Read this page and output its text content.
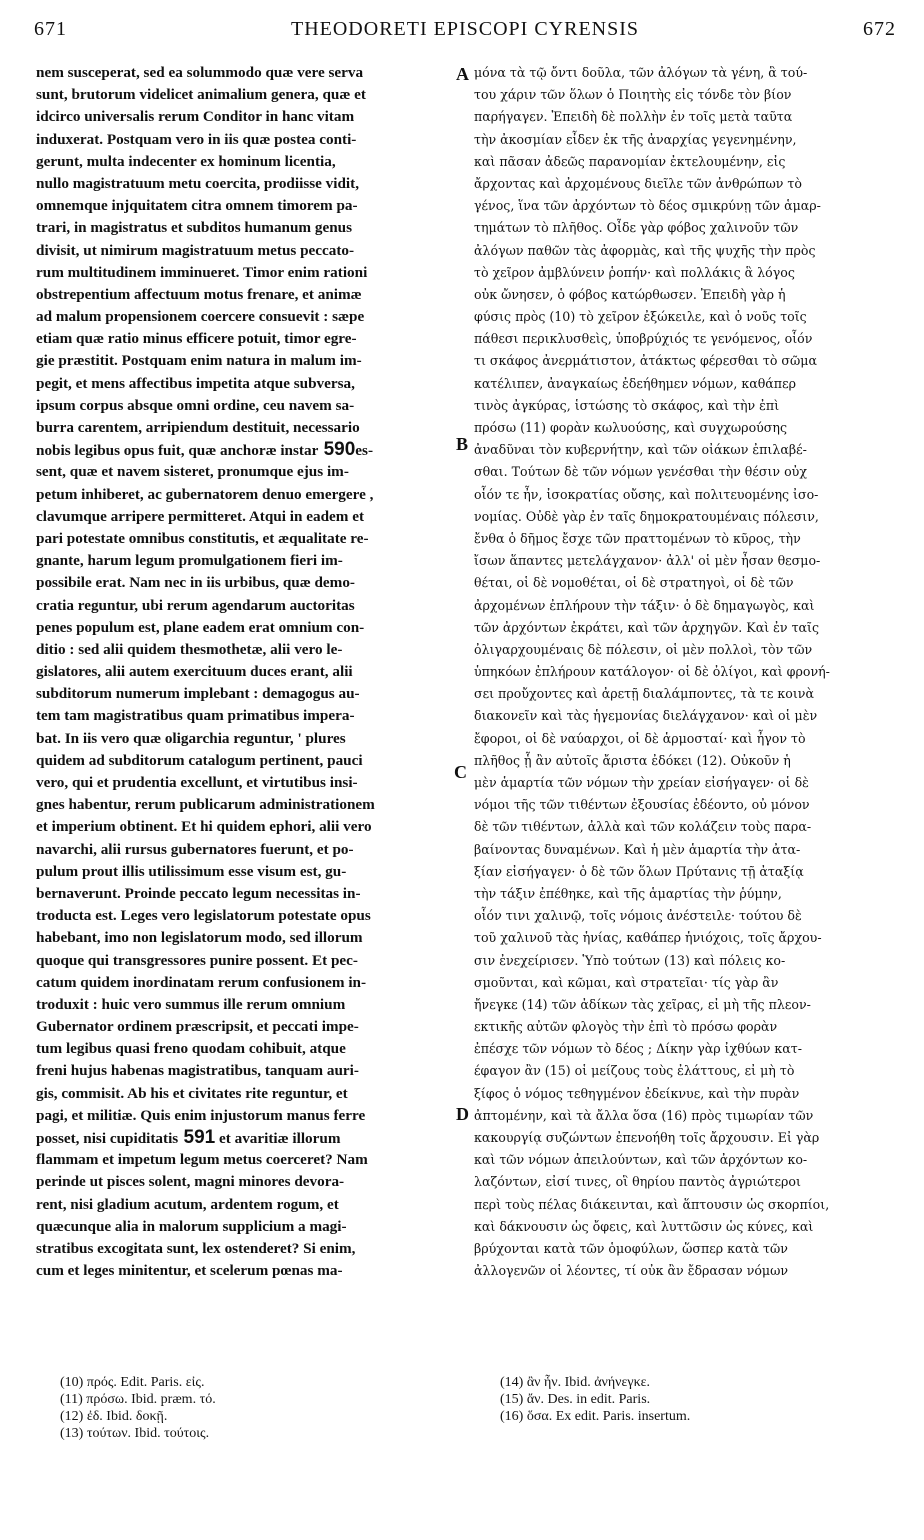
671	THEODORETI EPISCOPI CYRENSIS	672
A
B
C
D
nem susceperat, sed ea solummodo quæ vere serva
sunt, brutorum videlicet animalium genera, quæ et
idcirco universalis rerum Conditor in hanc vitam
induxerat. Postquam vero in iis quæ postea conti-
gerunt, multa indecenter ex hominum licentia,
nullo magistratuum metu coercita, prodiisse vidit,
omnemque injquitatem citra omnem timorem pa-
trari, in magistratus et subditos humanum genus
divisit, ut nimirum magistratuum metus peccato-
rum multitudinem imminueret. Timor enim rationi
obstrepentium affectuum motus frenare, et animæ
ad malum propensionem coercere consuevit : sæpe
etiam quæ ratio minus efficere potuit, timor egre-
gie præstitit. Postquam enim natura in malum im-
pegit, et mens affectibus impetita atque subversa,
ipsum corpus absque omni ordine, ceu navem sa-
burra carentem, arripiendum destituit, necessario
nobis legibus opus fuit, quæ anchoræ instar 590es-
sent, quæ et navem sisteret, pronumque ejus im-
petum inhiberet, ac gubernatorem denuo emergere ,
clavumque arripere permitteret. Atqui in eadem et
pari potestate omnibus constitutis, et æqualitate re-
gnante, harum legum promulgationem fieri im-
possibile erat. Nam nec in iis urbibus, quæ demo-
cratia reguntur, ubi rerum agendarum auctoritas
penes populum est, plane eadem erat omnium con-
ditio : sed alii quidem thesmothetæ, alii vero le-
gislatores, alii autem exercituum duces erant, alii
subditorum numerum implebant : demagogus au-
tem tam magistratibus quam primatibus impera-
bat. In iis vero quæ oligarchia reguntur, ' plures
quidem ad subditorum catalogum pertinent, pauci
vero, qui et prudentia excellunt, et virtutibus insi-
gnes habentur, rerum publicarum administrationem
et imperium obtinent. Et hi quidem ephori, alii vero
navarchi, alii rursus gubernatores fuerunt, et po-
pulum prout illis utilissimum esse visum est, gu-
bernaverunt. Proinde peccato legum necessitas in-
troducta est. Leges vero legislatorum potestate opus
habebant, imo non legislatorum modo, sed illorum
quoque qui transgressores punire possent. Et pec-
catum quidem inordinatam rerum confusionem in-
troduxit : huic vero summus ille rerum omnium
Gubernator ordinem præscripsit, et peccati impe-
tum legibus quasi freno quodam cohibuit, atque
freni hujus habenas magistratibus, tanquam auri-
gis, commisit. Ab his et civitates rite reguntur, et
pagi, et militiæ. Quis enim injustorum manus ferre
posset, nisi cupiditatis 591 et avaritiæ illorum
flammam et impetum legum metus coerceret? Nam
perinde ut pisces solent, magni minores devora-
rent, nisi gladium acutum, ardentem rogum, et
quæcunque alia in malorum supplicium a magi-
stratibus excogitata sunt, lex ostenderet? Si enim,
cum et leges minitentur, et scelerum pœnas ma-
μόνα τὰ τῷ ὄντι δοῦλα, τῶν ἀλόγων τὰ γένη, ἃ τού-
του χάριν τῶν ὅλων ὁ Ποιητὴς εἰς τόνδε τὸν βίον
παρήγαγεν. Ἐπειδὴ δὲ πολλὴν ἐν τοῖς μετὰ ταῦτα
τὴν ἀκοσμίαν εἶδεν ἐκ τῆς ἀναρχίας γεγενημένην,
καὶ πᾶσαν ἀδεῶς παρανομίαν ἐκτελουμένην, εἰς
ἄρχοντας καὶ ἀρχομένους διεῖλε τῶν ἀνθρώπων τὸ
γένος, ἵνα τῶν ἀρχόντων τὸ δέος σμικρύνῃ τῶν ἁμαρ-
τημάτων τὸ πλῆθος. Οἶδε γὰρ φόβος χαλινοῦν τῶν
ἀλόγων παθῶν τὰς ἀφορμὰς, καὶ τῆς ψυχῆς τὴν πρὸς
τὸ χεῖρον ἀμβλύνειν ῥοπήν· καὶ πολλάκις ἃ λόγος
οὐκ ὤνησεν, ὁ φόβος κατώρθωσεν. Ἐπειδὴ γὰρ ἡ
φύσις πρὸς (10) τὸ χεῖρον ἐξώκειλε, καὶ ὁ νοῦς τοῖς
πάθεσι περικλυσθεὶς, ὑποβρύχιός τε γενόμενος, οἷόν
τι σκάφος ἀνερμάτιστον, ἀτάκτως φέρεσθαι τὸ σῶμα
κατέλιπεν, ἀναγκαίως ἐδεήθημεν νόμων, καθάπερ
τινὸς ἀγκύρας, ἱστώσης τὸ σκάφος, καὶ τὴν ἐπὶ
πρόσω (11) φορὰν κωλυούσης, καὶ συγχωρούσης
ἀναδῦναι τὸν κυβερνήτην, καὶ τῶν οἰάκων ἐπιλαβέ-
σθαι. Τούτων δὲ τῶν νόμων γενέσθαι τὴν θέσιν οὐχ
οἷόν τε ἦν, ἰσοκρατίας οὔσης, καὶ πολιτευομένης ἰσο-
νομίας. Οὐδὲ γὰρ ἐν ταῖς δημοκρατουμέναις πόλεσιν,
ἔνθα ὁ δῆμος ἔσχε τῶν πραττομένων τὸ κῦρος, τὴν
ἴσων ἅπαντες μετελάγχανον· ἀλλ' οἱ μὲν ἦσαν θεσμο-
θέται, οἱ δὲ νομοθέται, οἱ δὲ στρατηγοὶ, οἱ δὲ τῶν
ἀρχομένων ἐπλήρουν τὴν τάξιν· ὁ δὲ δημαγωγὸς, καὶ
τῶν ἀρχόντων ἐκράτει, καὶ τῶν ἀρχηγῶν. Καὶ ἐν ταῖς
ὀλιγαρχουμέναις δὲ πόλεσιν, οἱ μὲν πολλοὶ, τὸν τῶν
ὑπηκόων ἐπλήρουν κατάλογον· οἱ δὲ ὀλίγοι, καὶ φρονή-
σει προὔχοντες καὶ ἀρετῇ διαλάμποντες, τὰ τε κοινὰ
διακονεῖν καὶ τὰς ἡγεμονίας διελάγχανον· καὶ οἱ μὲν
ἔφοροι, οἱ δὲ ναύαρχοι, οἱ δὲ ἁρμοσταί· καὶ ἦγον τὸ
πλῆθος ᾗ ἂν αὐτοῖς ἄριστα ἐδόκει (12). Οὐκοῦν ἡ
μὲν ἁμαρτία τῶν νόμων τὴν χρείαν εἰσήγαγεν· οἱ δὲ
νόμοι τῆς τῶν τιθέντων ἐξουσίας ἐδέοντο, οὐ μόνον
δὲ τῶν τιθέντων, ἀλλὰ καὶ τῶν κολάζειν τοὺς παρα-
βαίνοντας δυναμένων. Καὶ ἡ μὲν ἁμαρτία τὴν ἀτα-
ξίαν εἰσήγαγεν· ὁ δὲ τῶν ὅλων Πρύτανις τῇ ἀταξίᾳ
τὴν τάξιν ἐπέθηκε, καὶ τῆς ἁμαρτίας τὴν ῥύμην,
οἷόν τινι χαλινῷ, τοῖς νόμοις ἀνέστειλε· τούτου δὲ
τοῦ χαλινοῦ τὰς ἡνίας, καθάπερ ἡνιόχοις, τοῖς ἄρχου-
σιν ἐνεχείρισεν. Ὑπὸ τούτων (13) καὶ πόλεις κο-
σμοῦνται, καὶ κῶμαι, καὶ στρατεῖαι· τίς γὰρ ἂν
ἤνεγκε (14) τῶν ἀδίκων τὰς χεῖρας, εἰ μὴ τῆς πλεον-
εκτικῆς αὐτῶν φλογὸς τὴν ἐπὶ τὸ πρόσω φορὰν
ἐπέσχε τῶν νόμων τὸ δέος ; Δίκην γὰρ ἰχθύων κατ-
έφαγον ἂν (15) οἱ μείζους τοὺς ἐλάττους, εἰ μὴ τὸ
ξίφος ὁ νόμος τεθηγμένον ἐδείκνυε, καὶ τὴν πυρὰν
ἀπτομένην, καὶ τὰ ἄλλα ὅσα (16) πρὸς τιμωρίαν τῶν
κακουργίᾳ συζώντων ἐπενοήθη τοῖς ἄρχουσιν. Εἰ γὰρ
καὶ τῶν νόμων ἀπειλούντων, καὶ τῶν ἀρχόντων κο-
λαζόντων, εἰσί τινες, οἳ θηρίου παντὸς ἀγριώτεροι
περὶ τοὺς πέλας διάκεινται, καὶ ἅπτουσιν ὡς σκορπίοι,
καὶ δάκνουσιν ὡς ὄφεις, καὶ λυττῶσιν ὡς κύνες, καὶ
βρύχονται κατὰ τῶν ὁμοφύλων, ὥσπερ κατὰ τῶν
ἀλλογενῶν οἱ λέοντες, τί οὐκ ἂν ἔδρασαν νόμων
(10) πρός. Edit. Paris. εἰς.
(11) πρόσω. Ibid. præm. τό.
(12) ἐδ. Ibid. δοκῇ.
(13) τούτων. Ibid. τούτοις.
(14) ἂν ἦν. Ibid. ἀνήνεγκε.
(15) ἄν. Des. in edit. Paris.
(16) ὅσα. Ex edit. Paris. insertum.
